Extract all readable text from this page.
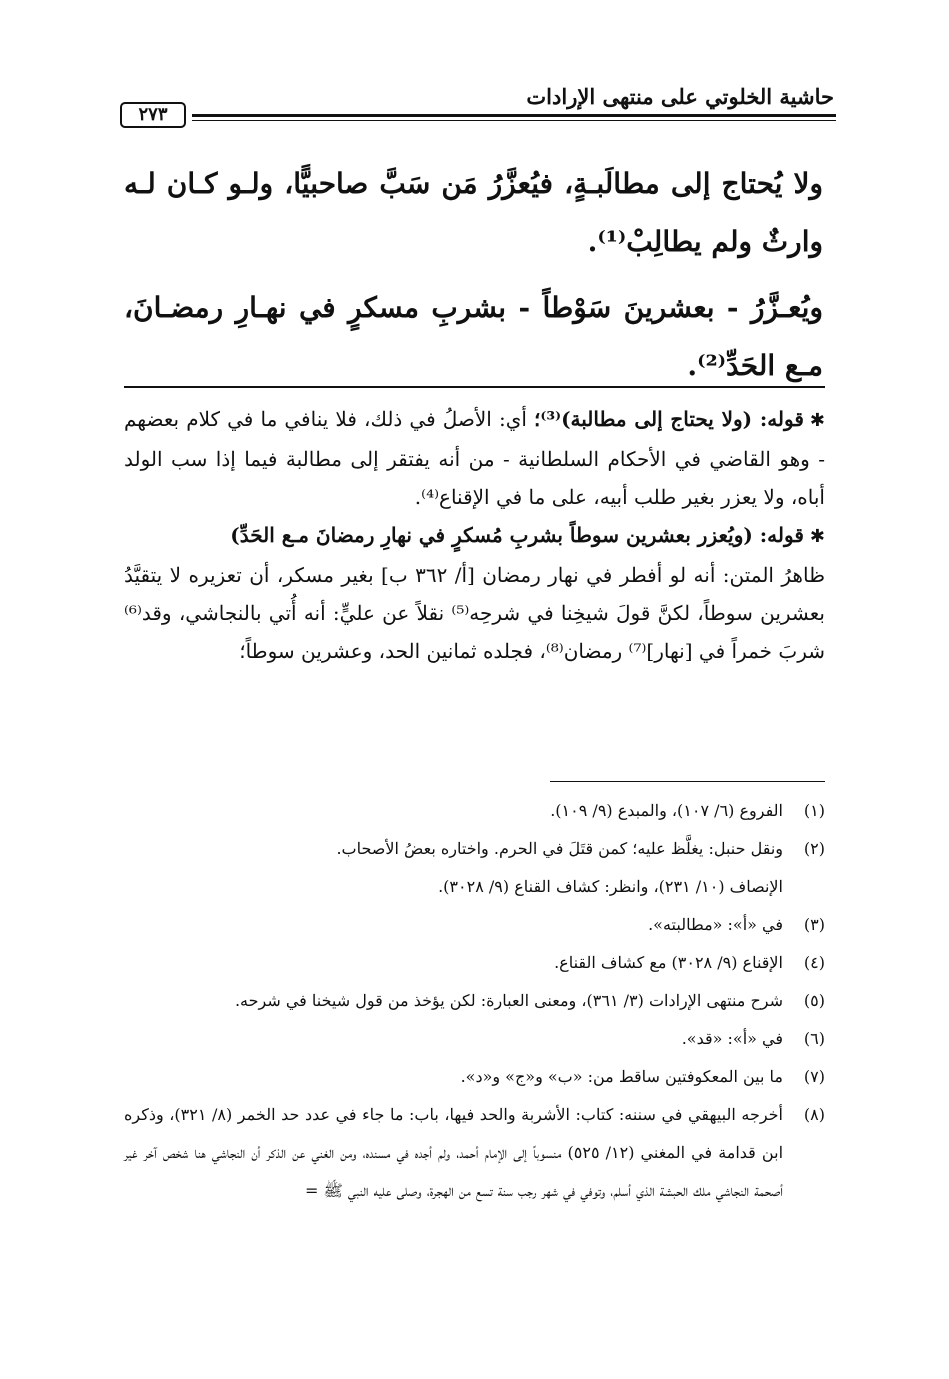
حاشية الخلوتي على منتهى الإرادات
٢٧٣

ولا يُحتاج إلى مطالَبـةٍ، فيُعزَّرُ مَن سَبَّ صاحبيًّا، ولـو كـان لـه وارثٌ ولم يطالِبْ⁽¹⁾.

ويُعـزَّرُ - بعشرينَ سَوْطاً - بشربِ مسكرٍ في نهـارِ رمضـانَ، مـع الحَدِّ⁽²⁾.

✱قوله: (ولا يحتاج إلى مطالبة)⁽³⁾؛ أي: الأصلُ في ذلك، فلا ينافي ما في كلام بعضهم - وهو القاضي في الأحكام السلطانية - من أنه يفتقر إلى مطالبة فيما إذا سب الولد أباه، ولا يعزر بغير طلب أبيه، على ما في الإقناع⁽⁴⁾.

✱قوله: (ويُعزر بعشرين سوطاً بشربِ مُسكرٍ في نهارِ رمضانَ مـع الحَدِّ)

ظاهرُ المتن: أنه لو أفطر في نهار رمضان [أ/ ٣٦٢ ب] بغير مسكر، أن تعزيره لا يتقيَّدُ بعشرين سوطاً، لكنَّ قولَ شيخِنا في شرحِه⁽⁵⁾ نقلاً عن عليٍّ: أنه أُتي بالنجاشي، وقد⁽⁶⁾ شربَ خمراً في [نهار]⁽⁷⁾ رمضان⁽⁸⁾، فجلده ثمانين الحد، وعشرين سوطاً؛

(١)
الفروع (٦/ ١٠٧)، والمبدع (٩/ ١٠٩).
(٢)
ونقل حنبل: يغلَّظ عليه؛ كمن قتَلَ في الحرم. واختاره بعضُ الأصحاب.
الإنصاف (١٠/ ٢٣١)، وانظر: كشاف القناع (٩/ ٣٠٢٨).
(٣)
في «أ»: «مطالبته».
(٤)
الإقناع (٩/ ٣٠٢٨) مع كشاف القناع.
(٥)
شرح منتهى الإرادات (٣/ ٣٦١)، ومعنى العبارة: لكن يؤخذ من قول شيخنا في شرحه.
(٦)
في «أ»: «قد».
(٧)
ما بين المعكوفتين ساقط من: «ب» و«ج» و«د».
(٨)
أخرجه البيهقي في سننه: كتاب: الأشربة والحد فيها، باب: ما جاء في عدد حد الخمر (٨/ ٣٢١)، وذكره ابن قدامة في المغني (١٢/ ٥٢٥) منسوباً إلى الإمام أحمد، ولم أجده في مسنده، ومن الغني عن الذكر أن النجاشي هنا شخص آخر غير أصحمة النجاشي ملك الحبشة الذي أسلم، وتوفي في شهر رجب سنة تسع من الهجرة، وصلى عليه النبي ﷺ =
